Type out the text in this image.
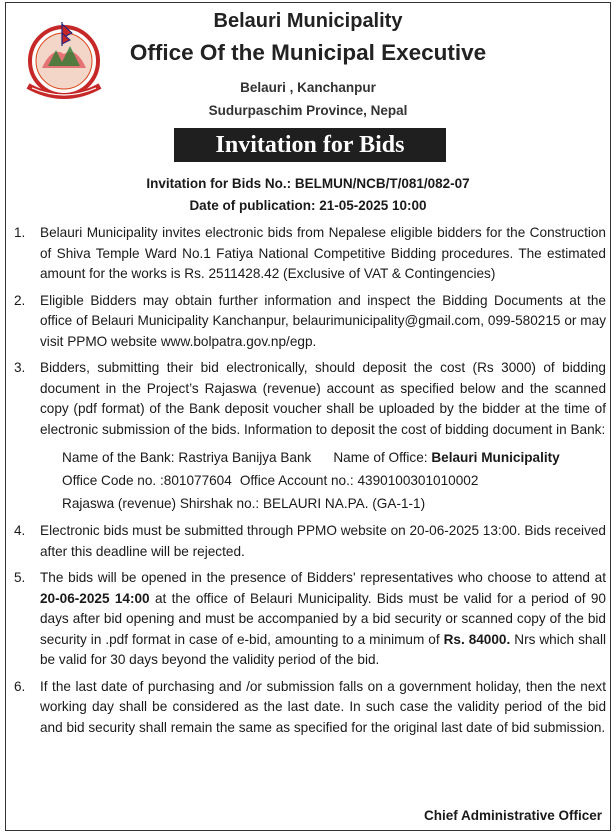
Belauri Municipality
Office Of the Municipal Executive
Belauri , Kanchanpur
Sudurpaschim Province, Nepal
Invitation for Bids
Invitation for Bids No.: BELMUN/NCB/T/081/082-07
Date of publication: 21-05-2025 10:00
1. Belauri Municipality invites electronic bids from Nepalese eligible bidders for the Construction of Shiva Temple Ward No.1 Fatiya National Competitive Bidding procedures. The estimated amount for the works is Rs. 2511428.42 (Exclusive of VAT & Contingencies)
2. Eligible Bidders may obtain further information and inspect the Bidding Documents at the office of Belauri Municipality Kanchanpur, belaurimunicipality@gmail.com, 099-580215 or may visit PPMO website www.bolpatra.gov.np/egp.
3. Bidders, submitting their bid electronically, should deposit the cost (Rs 3000) of bidding document in the Project’s Rajaswa (revenue) account as specified below and the scanned copy (pdf format) of the Bank deposit voucher shall be uploaded by the bidder at the time of electronic submission of the bids. Information to deposit the cost of bidding document in Bank:
Name of the Bank: Rastriya Banijya Bank Name of Office: Belauri Municipality
Office Code no. :801077604 Office Account no.: 4390100301010002
Rajaswa (revenue) Shirshak no.: BELAURI NA.PA. (GA-1-1)
4. Electronic bids must be submitted through PPMO website on 20-06-2025 13:00. Bids received after this deadline will be rejected.
5. The bids will be opened in the presence of Bidders' representatives who choose to attend at 20-06-2025 14:00 at the office of Belauri Municipality. Bids must be valid for a period of 90 days after bid opening and must be accompanied by a bid security or scanned copy of the bid security in .pdf format in case of e-bid, amounting to a minimum of Rs. 84000. Nrs which shall be valid for 30 days beyond the validity period of the bid.
6. If the last date of purchasing and /or submission falls on a government holiday, then the next working day shall be considered as the last date. In such case the validity period of the bid and bid security shall remain the same as specified for the original last date of bid submission.
Chief Administrative Officer
